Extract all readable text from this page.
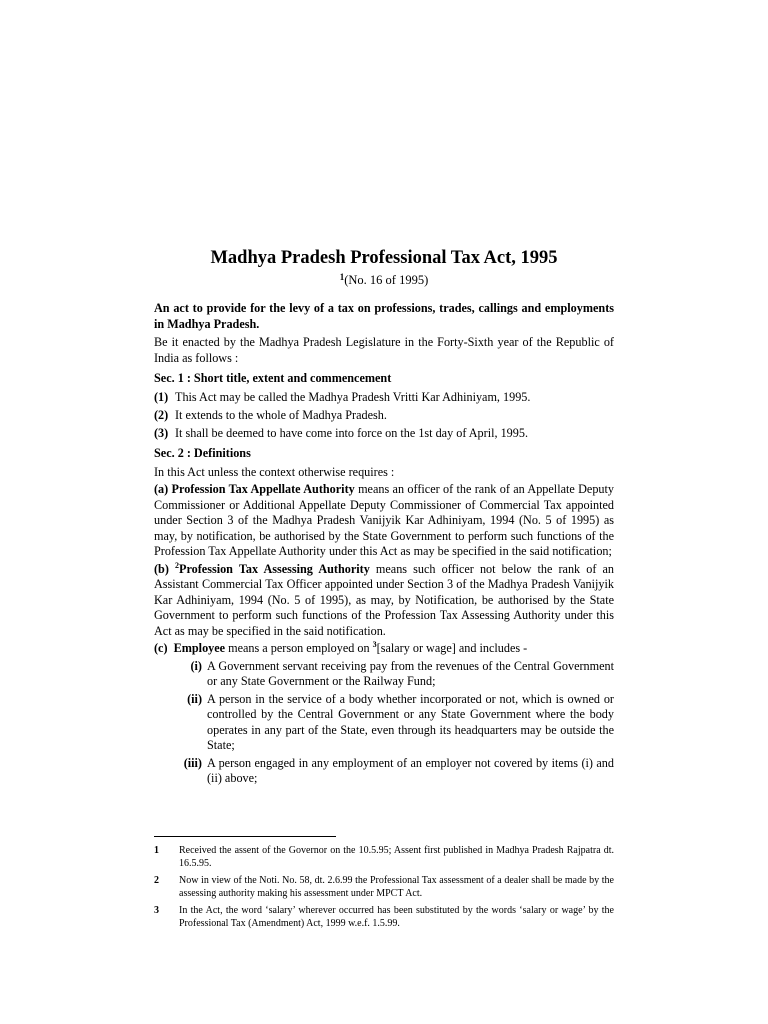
Madhya Pradesh Professional Tax Act, 1995
$^1$(No. 16 of 1995)

An act to provide for the levy of a tax on professions, trades, callings and employments in Madhya Pradesh.

Be it enacted by the Madhya Pradesh Legislature in the Forty-Sixth year of the Republic of India as follows :

Sec. 1 : Short title, extent and commencement

(1) This Act may be called the Madhya Pradesh Vritti Kar Adhiniyam, 1995.
(2) It extends to the whole of Madhya Pradesh.
(3) It shall be deemed to have come into force on the 1st day of April, 1995.

Sec. 2 : Definitions

In this Act unless the context otherwise requires :

(a) Profession Tax Appellate Authority means an officer of the rank of an Appellate Deputy Commissioner or Additional Appellate Deputy Commissioner of Commercial Tax appointed under Section 3 of the Madhya Pradesh Vanijyik Kar Adhiniyam, 1994 (No. 5 of 1995) as may, by notification, be authorised by the State Government to perform such functions of the Profession Tax Appellate Authority under this Act as may be specified in the said notification;

(b) $^2$Profession Tax Assessing Authority means such officer not below the rank of an Assistant Commercial Tax Officer appointed under Section 3 of the Madhya Pradesh Vanijyik Kar Adhiniyam, 1994 (No. 5 of 1995), as may, by Notification, be authorised by the State Government to perform such functions of the Profession Tax Assessing Authority under this Act as may be specified in the said notification.

(c) Employee means a person employed on $^3$[salary or wage] and includes -

(i) A Government servant receiving pay from the revenues of the Central Government or any State Government or the Railway Fund;
(ii) A person in the service of a body whether incorporated or not, which is owned or controlled by the Central Government or any State Government where the body operates in any part of the State, even through its headquarters may be outside the State;
(iii) A person engaged in any employment of an employer not covered by items (i) and (ii) above;
1	Received the assent of the Governor on the 10.5.95; Assent first published in Madhya Pradesh Rajpatra dt. 16.5.95.
2	Now in view of the Noti. No. 58, dt. 2.6.99 the Professional Tax assessment of a dealer shall be made by the assessing authority making his assessment under MPCT Act.
3	In the Act, the word ‘salary’ wherever occurred has been substituted by the words ‘salary or wage’ by the Professional Tax (Amendment) Act, 1999 w.e.f. 1.5.99.
